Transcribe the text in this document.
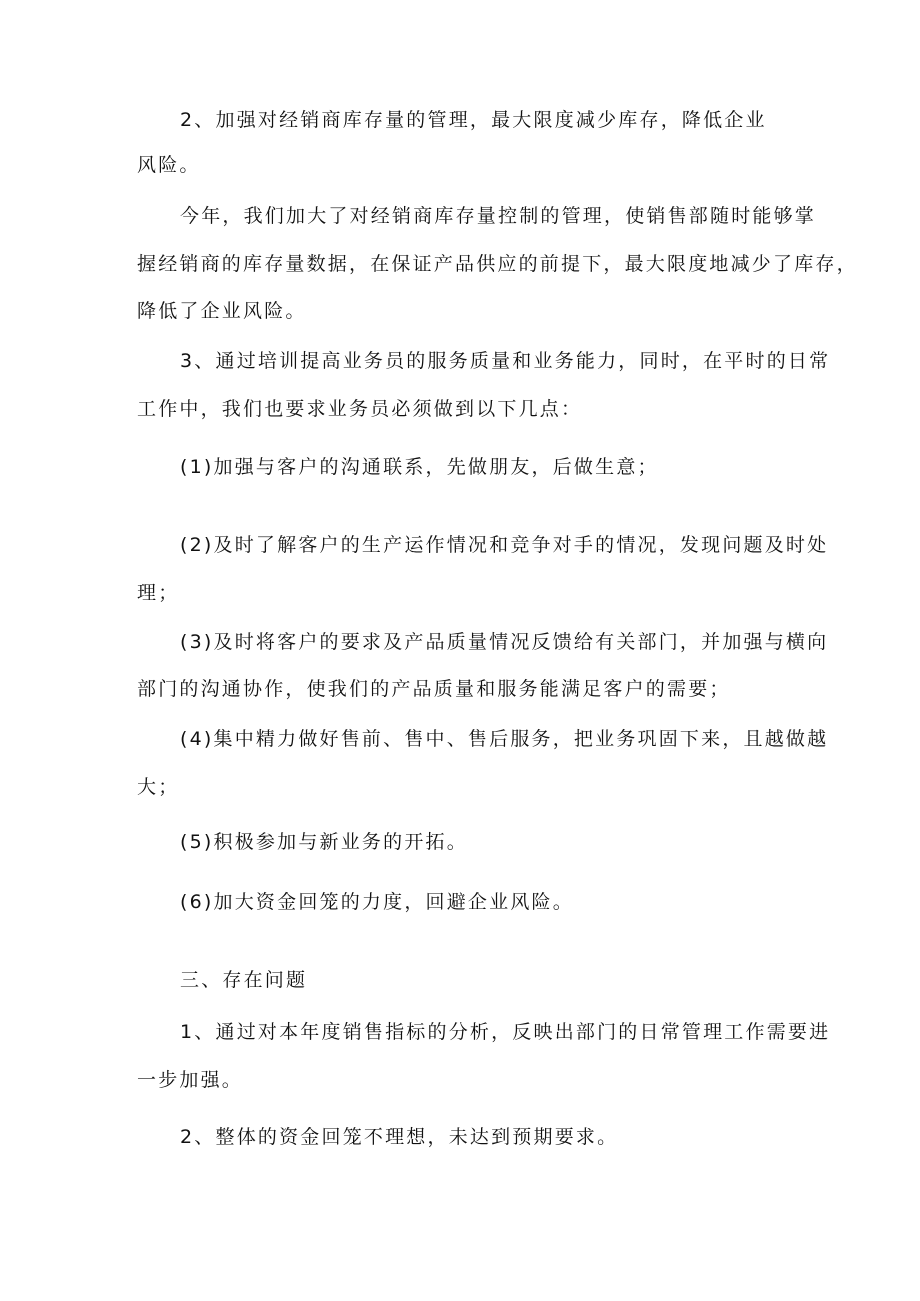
2、加强对经销商库存量的管理，最大限度减少库存，降低企业
风险。
今年，我们加大了对经销商库存量控制的管理，使销售部随时能够掌
握经销商的库存量数据，在保证产品供应的前提下，最大限度地减少了库存，
降低了企业风险。
3、通过培训提高业务员的服务质量和业务能力，同时，在平时的日常
工作中，我们也要求业务员必须做到以下几点：
(1)加强与客户的沟通联系，先做朋友，后做生意；
(2)及时了解客户的生产运作情况和竞争对手的情况，发现问题及时处
理；
(3)及时将客户的要求及产品质量情况反馈给有关部门，并加强与横向
部门的沟通协作，使我们的产品质量和服务能满足客户的需要；
(4)集中精力做好售前、售中、售后服务，把业务巩固下来，且越做越
大；
(5)积极参加与新业务的开拓。
(6)加大资金回笼的力度，回避企业风险。
三、存在问题
1、通过对本年度销售指标的分析，反映出部门的日常管理工作需要进
一步加强。
2、整体的资金回笼不理想，未达到预期要求。
